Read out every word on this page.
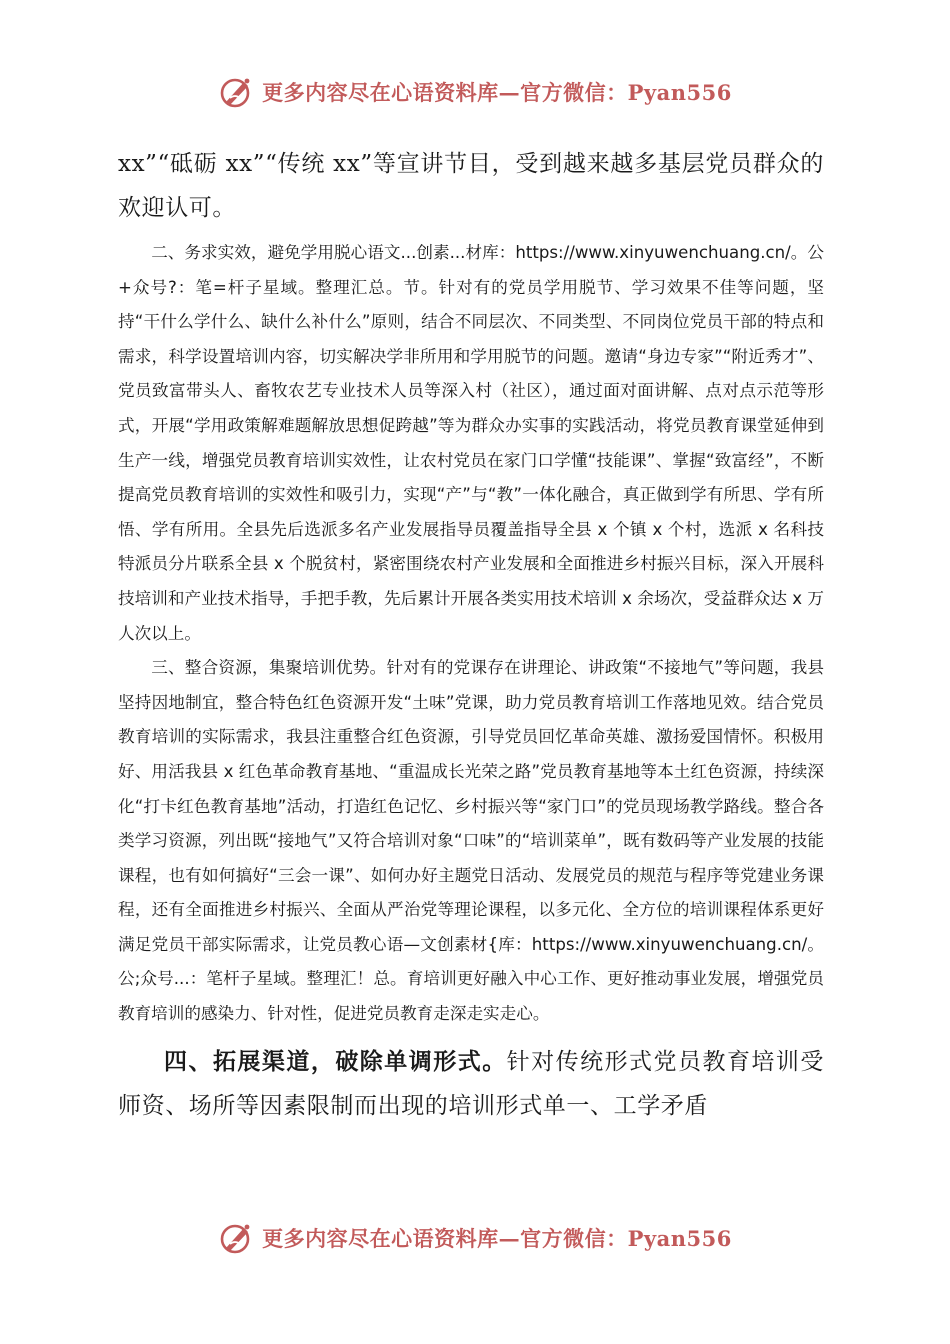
更多内容尽在心语资料库—官方微信：Pyan556

xx”“砥砺 xx”“传统 xx”等宣讲节目，受到越来越多基层党员群众的欢迎认可。

二、务求实效，避免学用脱心语文...创素...材库：https://www.xinyuwenchuang.cn/。公+众号?：笔=杆子星域。整理汇总。节。针对有的党员学用脱节、学习效果不佳等问题，坚持“干什么学什么、缺什么补什么”原则，结合不同层次、不同类型、不同岗位党员干部的特点和需求，科学设置培训内容，切实解决学非所用和学用脱节的问题。邀请“身边专家”“附近秀才”、党员致富带头人、畜牧农艺专业技术人员等深入村（社区），通过面对面讲解、点对点示范等形式，开展“学用政策解难题解放思想促跨越”等为群众办实事的实践活动，将党员教育课堂延伸到生产一线，增强党员教育培训实效性，让农村党员在家门口学懂“技能课”、掌握“致富经”，不断提高党员教育培训的实效性和吸引力，实现“产”与“教”一体化融合，真正做到学有所思、学有所悟、学有所用。全县先后选派多名产业发展指导员覆盖指导全县 x 个镇 x 个村，选派 x 名科技特派员分片联系全县 x 个脱贫村，紧密围绕农村产业发展和全面推进乡村振兴目标，深入开展科技培训和产业技术指导，手把手教，先后累计开展各类实用技术培训 x 余场次，受益群众达 x 万人次以上。

三、整合资源，集聚培训优势。针对有的党课存在讲理论、讲政策“不接地气”等问题，我县坚持因地制宜，整合特色红色资源开发“土味”党课，助力党员教育培训工作落地见效。结合党员教育培训的实际需求，我县注重整合红色资源，引导党员回忆革命英雄、激扬爱国情怀。积极用好、用活我县 x 红色革命教育基地、“重温成长光荣之路”党员教育基地等本土红色资源，持续深化“打卡红色教育基地”活动，打造红色记忆、乡村振兴等“家门口”的党员现场教学路线。整合各类学习资源，列出既“接地气”又符合培训对象“口味”的“培训菜单”，既有数码等产业发展的技能课程，也有如何搞好“三会一课”、如何办好主题党日活动、发展党员的规范与程序等党建业务课程，还有全面推进乡村振兴、全面从严治党等理论课程，以多元化、全方位的培训课程体系更好满足党员干部实际需求，让党员教心语—文创素材{库：https://www.xinyuwenchuang.cn/。公;众号...：笔杆子星域。整理汇！总。育培训更好融入中心工作、更好推动事业发展，增强党员教育培训的感染力、针对性，促进党员教育走深走实走心。

四、拓展渠道，破除单调形式。针对传统形式党员教育培训受师资、场所等因素限制而出现的培训形式单一、工学矛盾

更多内容尽在心语资料库—官方微信：Pyan556
